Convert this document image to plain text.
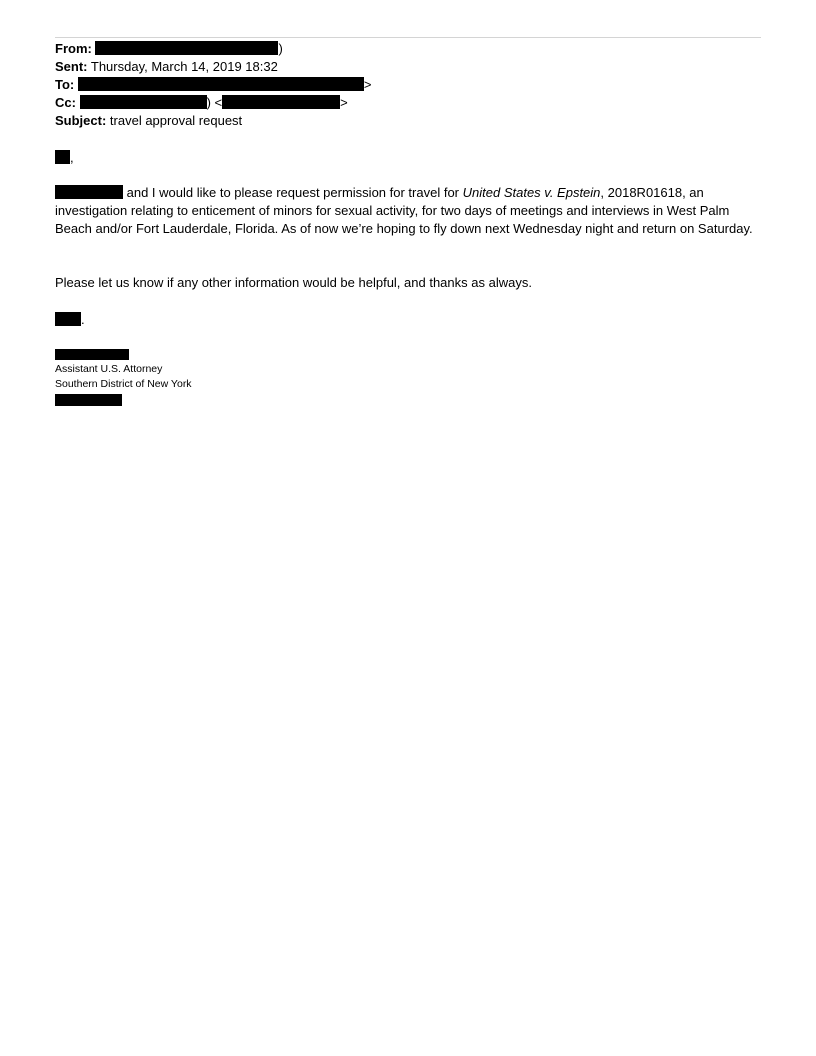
From:	)
Sent: Thursday, March 14, 2019 18:32
To:	>
Cc:	) <	>
Subject: travel approval request
,
and I would like to please request permission for travel for United States v. Epstein, 2018R01618, an investigation relating to enticement of minors for sexual activity, for two days of meetings and interviews in West Palm Beach and/or Fort Lauderdale, Florida. As of now we’re hoping to fly down next Wednesday night and return on Saturday.
Please let us know if any other information would be helpful, and thanks as always.
.
Assistant U.S. Attorney
Southern District of New York
